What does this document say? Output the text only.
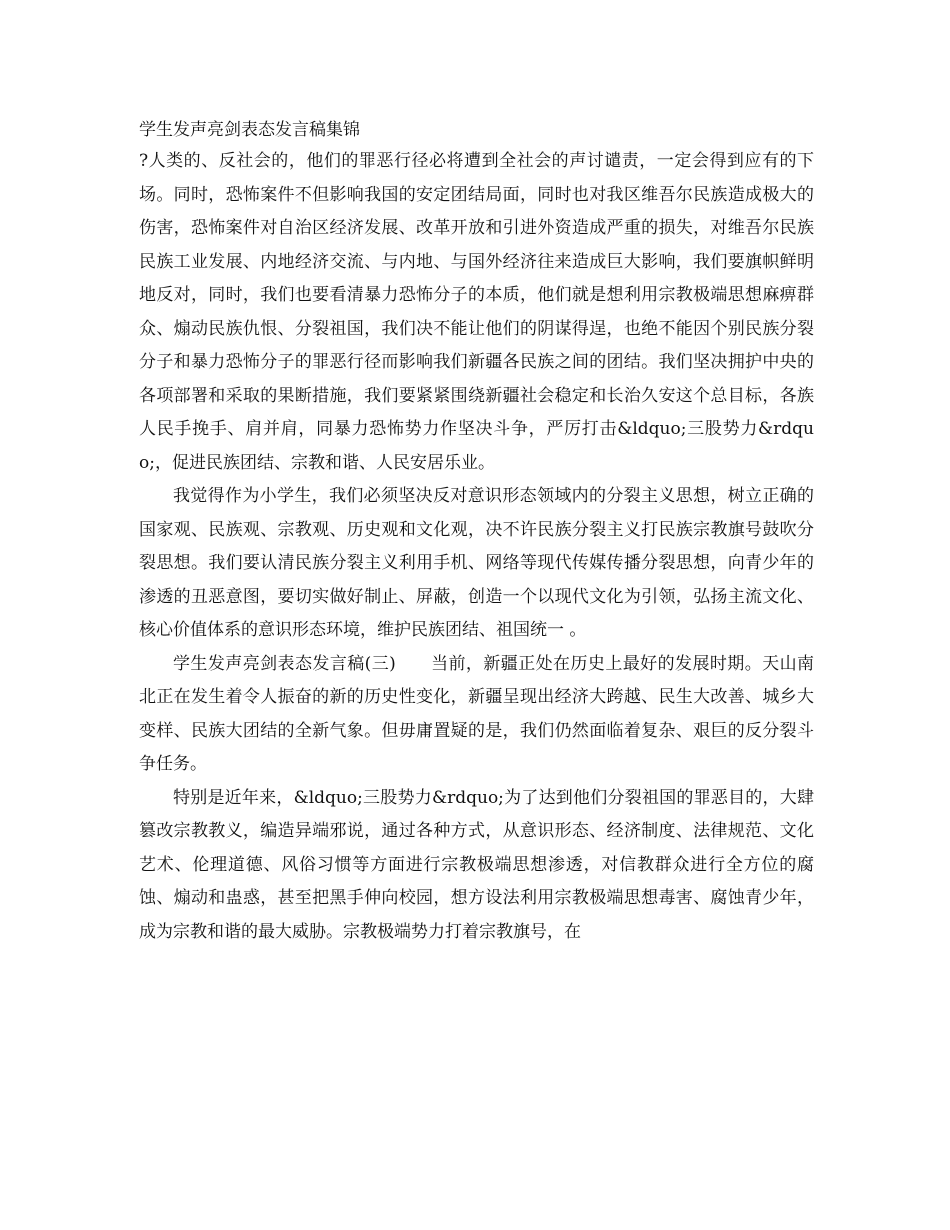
学生发声亮剑表态发言稿集锦

?人类的、反社会的，他们的罪恶行径必将遭到全社会的声讨谴责，一定会得到应有的下场。同时，恐怖案件不但影响我国的安定团结局面，同时也对我区维吾尔民族造成极大的伤害，恐怖案件对自治区经济发展、改革开放和引进外资造成严重的损失，对维吾尔民族民族工业发展、内地经济交流、与内地、与国外经济往来造成巨大影响，我们要旗帜鲜明地反对，同时，我们也要看清暴力恐怖分子的本质，他们就是想利用宗教极端思想麻痹群众、煽动民族仇恨、分裂祖国，我们决不能让他们的阴谋得逞，也绝不能因个别民族分裂分子和暴力恐怖分子的罪恶行径而影响我们新疆各民族之间的团结。我们坚决拥护中央的各项部署和采取的果断措施，我们要紧紧围绕新疆社会稳定和长治久安这个总目标，各族人民手挽手、肩并肩，同暴力恐怖势力作坚决斗争，严厉打击&ldquo;三股势力&rdquo;，促进民族团结、宗教和谐、人民安居乐业。

我觉得作为小学生，我们必须坚决反对意识形态领域内的分裂主义思想，树立正确的国家观、民族观、宗教观、历史观和文化观，决不许民族分裂主义打民族宗教旗号鼓吹分裂思想。我们要认清民族分裂主义利用手机、网络等现代传媒传播分裂思想，向青少年的渗透的丑恶意图，要切实做好制止、屏蔽，创造一个以现代文化为引领，弘扬主流文化、核心价值体系的意识形态环境，维护民族团结、祖国统一 。

学生发声亮剑表态发言稿(三)　　当前，新疆正处在历史上最好的发展时期。天山南北正在发生着令人振奋的新的历史性变化，新疆呈现出经济大跨越、民生大改善、城乡大变样、民族大团结的全新气象。但毋庸置疑的是，我们仍然面临着复杂、艰巨的反分裂斗争任务。

特别是近年来，&ldquo;三股势力&rdquo;为了达到他们分裂祖国的罪恶目的，大肆篡改宗教教义，编造异端邪说，通过各种方式，从意识形态、经济制度、法律规范、文化艺术、伦理道德、风俗习惯等方面进行宗教极端思想渗透，对信教群众进行全方位的腐蚀、煽动和蛊惑，甚至把黑手伸向校园，想方设法利用宗教极端思想毒害、腐蚀青少年，成为宗教和谐的最大威胁。宗教极端势力打着宗教旗号，在
